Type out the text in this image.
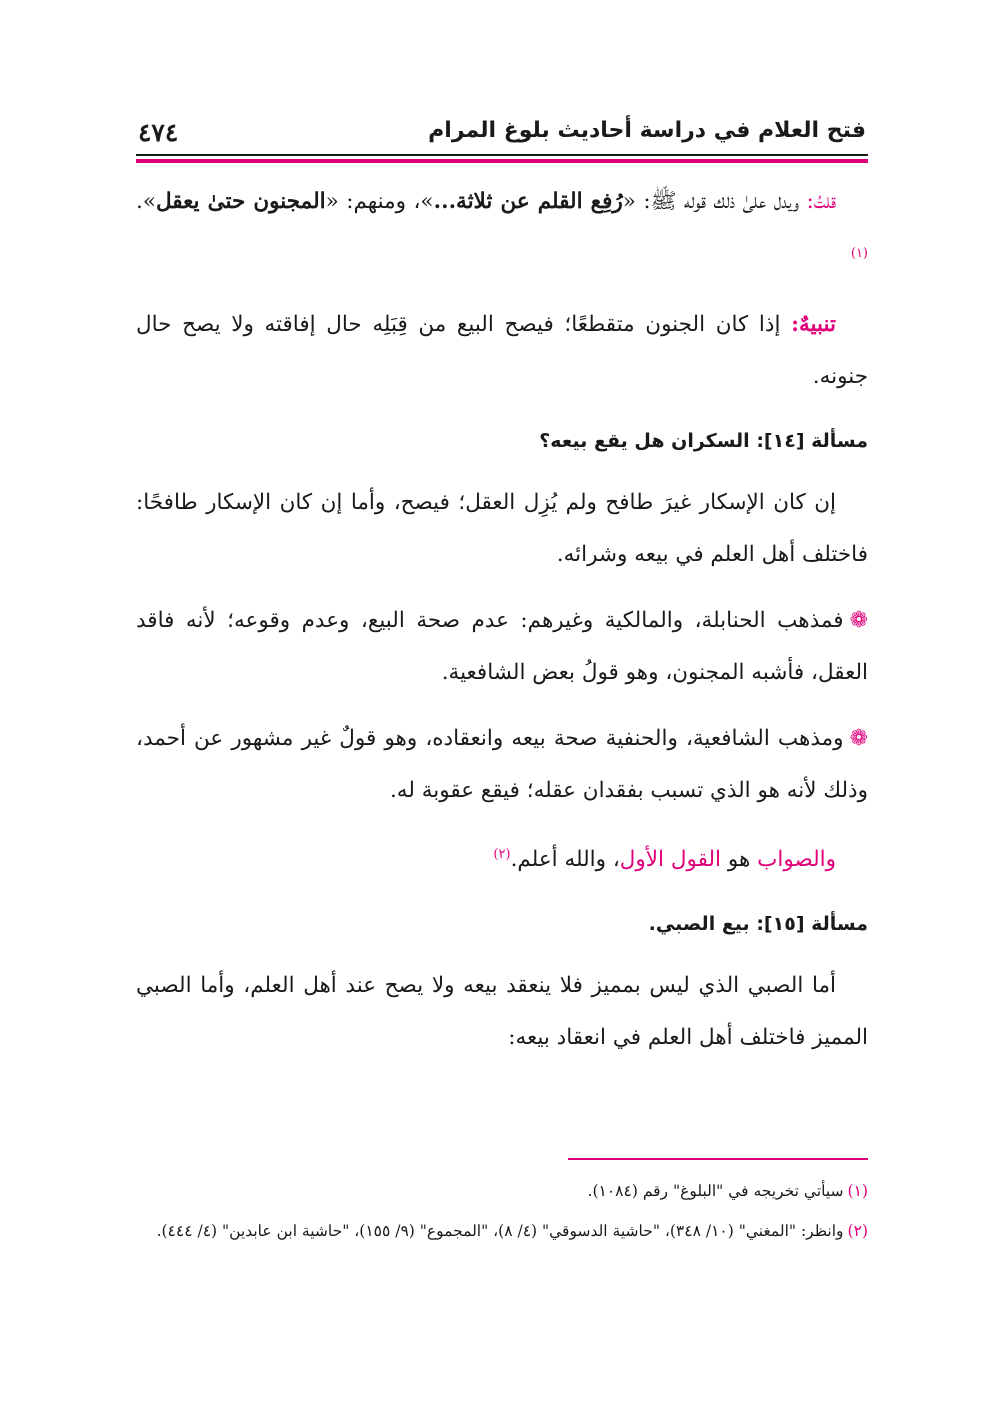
٤٧٤	فتح العلام في دراسة أحاديث بلوغ المرام

قلتُ: ويدل علىٰ ذلك قوله ﷺ: «رُفِع القلم عن ثلاثة...»، ومنهم: «المجنون حتىٰ يعقل».$^{(١)}$

تنبيهٌ: إذا كان الجنون متقطعًا؛ فيصح البيع من قِبَلِه حال إفاقته ولا يصح حال جنونه.

مسألة [١٤]: السكران هل يقع بيعه؟

إن كان الإسكار غيرَ طافح ولم يُزِل العقل؛ فيصح، وأما إن كان الإسكار طافحًا: فاختلف أهل العلم في بيعه وشرائه.

❁فمذهب الحنابلة، والمالكية وغيرهم: عدم صحة البيع، وعدم وقوعه؛ لأنه فاقد العقل، فأشبه المجنون، وهو قولُ بعض الشافعية.

❁ومذهب الشافعية، والحنفية صحة بيعه وانعقاده، وهو قولٌ غير مشهور عن أحمد، وذلك لأنه هو الذي تسبب بفقدان عقله؛ فيقع عقوبة له.

والصواب هو القول الأول، والله أعلم.$^{(٢)}$

مسألة [١٥]: بيع الصبي.

أما الصبي الذي ليس بمميز فلا ينعقد بيعه ولا يصح عند أهل العلم، وأما الصبي المميز فاختلف أهل العلم في انعقاد بيعه:

(١)سيأتي تخريجه في "البلوغ" رقم (١٠٨٤).

(٢)وانظر: "المغني" (١٠/ ٣٤٨)، "حاشية الدسوقي" (٤/ ٨)، "المجموع" (٩/ ١٥٥)، "حاشية ابن عابدين" (٤/ ٤٤٤).
